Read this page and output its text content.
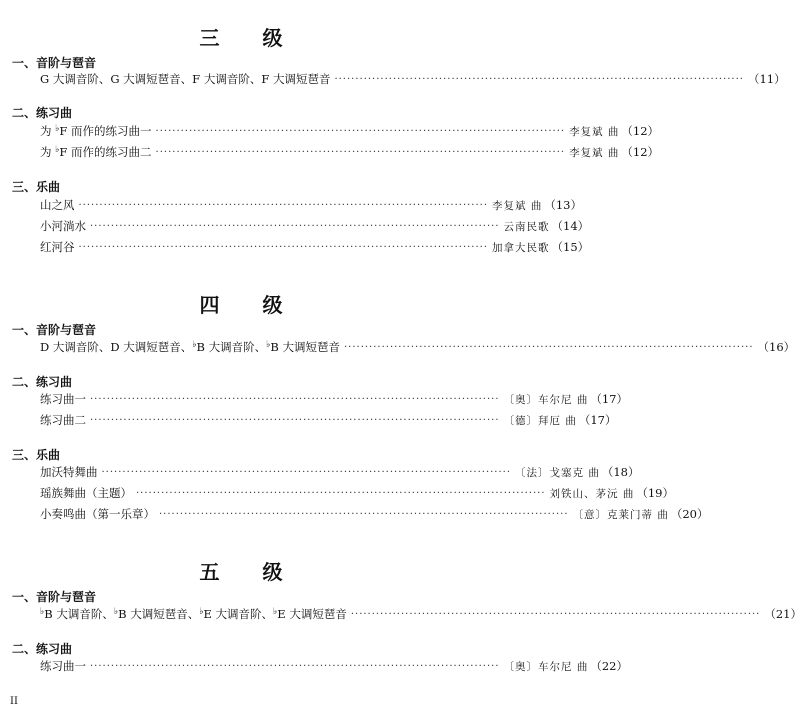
三 级
一、音阶与琶音
G 大调音阶、G 大调短琶音、F 大调音阶、F 大调短琶音 ·································································································· （11）
二、练习曲
为 ♭F 而作的练习曲一 ·································································································· 李复斌 曲 （12）
为 ♭F 而作的练习曲二 ·································································································· 李复斌 曲 （12）
三、乐曲
山之风 ·································································································· 李复斌 曲 （13）
小河淌水 ·································································································· 云南民歌 （14）
红河谷 ·································································································· 加拿大民歌 （15）
四 级
一、音阶与琶音
D 大调音阶、D 大调短琶音、♭B 大调音阶、♭B 大调短琶音 ·································································································· （16）
二、练习曲
练习曲一 ·································································································· 〔奥〕车尔尼 曲 （17）
练习曲二 ·································································································· 〔德〕拜厄 曲 （17）
三、乐曲
加沃特舞曲 ·································································································· 〔法〕戈塞克 曲 （18）
瑶族舞曲（主题） ·································································································· 刘铁山、茅沅 曲 （19）
小奏鸣曲（第一乐章） ·································································································· 〔意〕克莱门蒂 曲 （20）
五 级
一、音阶与琶音
♭B 大调音阶、♭B 大调短琶音、♭E 大调音阶、♭E 大调短琶音 ·································································································· （21）
二、练习曲
练习曲一 ·································································································· 〔奥〕车尔尼 曲 （22）
II
